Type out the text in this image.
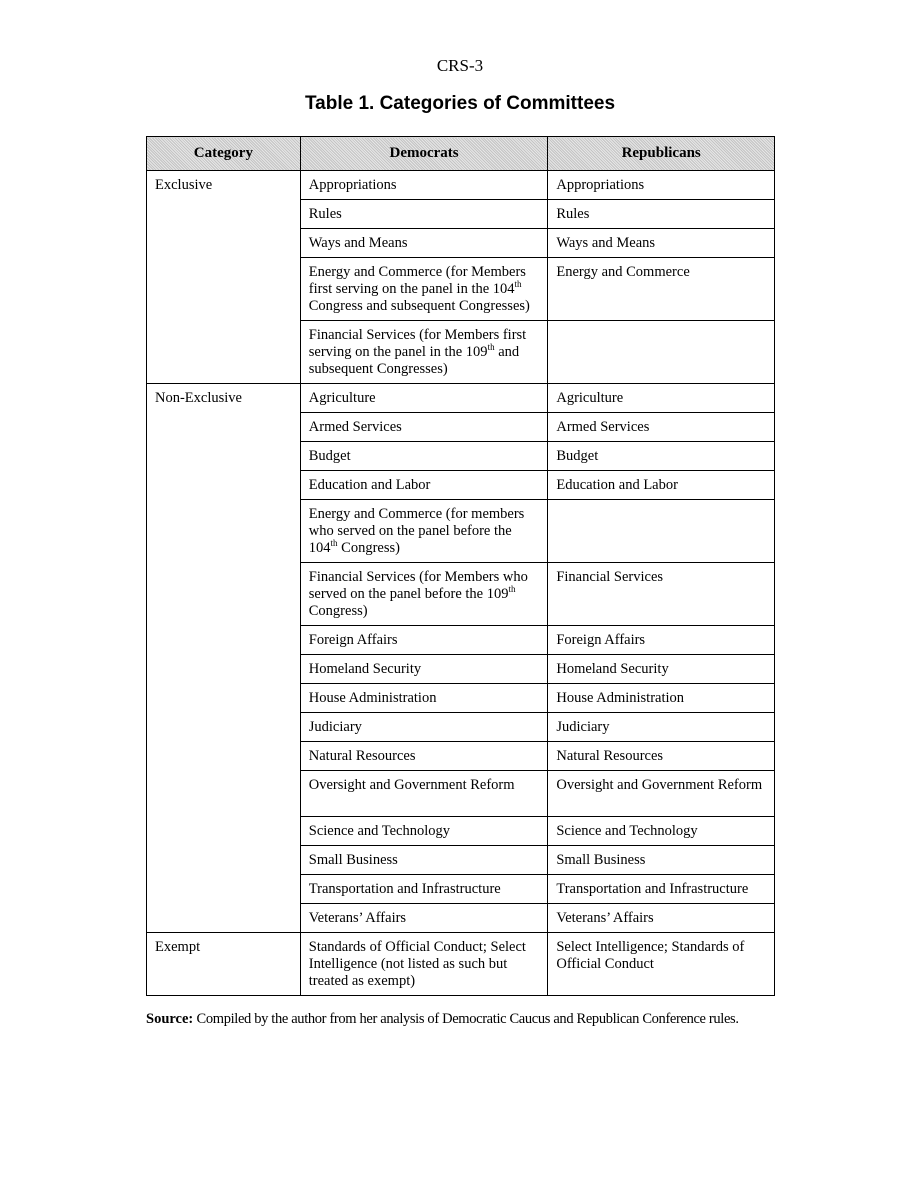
CRS-3
Table 1. Categories of Committees
Category	Democrats	Republicans
Exclusive	Appropriations	Appropriations
	Rules	Rules
	Ways and Means	Ways and Means
	Energy and Commerce (for Members first serving on the panel in the 104th Congress and subsequent Congresses)	Energy and Commerce
	Financial Services (for Members first serving on the panel in the 109th and subsequent Congresses)	
Non-Exclusive	Agriculture	Agriculture
	Armed Services	Armed Services
	Budget	Budget
	Education and Labor	Education and Labor
	Energy and Commerce (for members who served on the panel before the 104th Congress)	
	Financial Services (for Members who served on the panel before the 109th Congress)	Financial Services
	Foreign Affairs	Foreign Affairs
	Homeland Security	Homeland Security
	House Administration	House Administration
	Judiciary	Judiciary
	Natural Resources	Natural Resources
	Oversight and Government Reform	Oversight and Government Reform
	Science and Technology	Science and Technology
	Small Business	Small Business
	Transportation and Infrastructure	Transportation and Infrastructure
	Veterans’ Affairs	Veterans’ Affairs
Exempt	Standards of Official Conduct; Select Intelligence (not listed as such but treated as exempt)	Select Intelligence; Standards of Official Conduct
Source: Compiled by the author from her analysis of Democratic Caucus and Republican Conference rules.
